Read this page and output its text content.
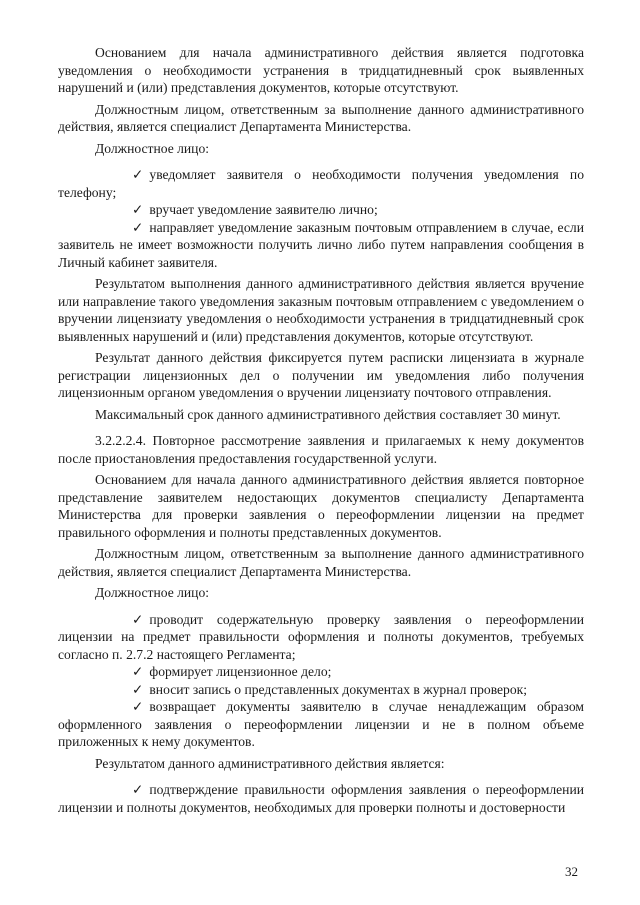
Основанием для начала административного действия является подготовка уведомления о необходимости устранения в тридцатидневный срок выявленных нарушений и (или) представления документов, которые отсутствуют.

Должностным лицом, ответственным за выполнение данного административного действия, является специалист Департамента Министерства.

Должностное лицо:

✓ уведомляет заявителя о необходимости получения уведомления по телефону;

✓ вручает уведомление заявителю лично;

✓ направляет уведомление заказным почтовым отправлением в случае, если заявитель не имеет возможности получить лично либо путем направления сообщения в Личный кабинет заявителя.

Результатом выполнения данного административного действия является вручение или направление такого уведомления заказным почтовым отправлением с уведомлением о вручении лицензиату уведомления о необходимости устранения в тридцатидневный срок выявленных нарушений и (или) представления документов, которые отсутствуют.

Результат данного действия фиксируется путем расписки лицензиата в журнале регистрации лицензионных дел о получении им уведомления либо получения лицензионным органом уведомления о вручении лицензиату почтового отправления.

Максимальный срок данного административного действия составляет 30 минут.

3.2.2.2.4. Повторное рассмотрение заявления и прилагаемых к нему документов после приостановления предоставления государственной услуги.

Основанием для начала данного административного действия является повторное представление заявителем недостающих документов специалисту Департамента Министерства для проверки заявления о переоформлении лицензии на предмет правильного оформления и полноты представленных документов.

Должностным лицом, ответственным за выполнение данного административного действия, является специалист Департамента Министерства.

Должностное лицо:

✓ проводит содержательную проверку заявления о переоформлении лицензии на предмет правильности оформления и полноты документов, требуемых согласно п. 2.7.2 настоящего Регламента;

✓ формирует лицензионное дело;

✓ вносит запись о представленных документах в журнал проверок;

✓ возвращает документы заявителю в случае ненадлежащим образом оформленного заявления о переоформлении лицензии и не в полном объеме приложенных к нему документов.

Результатом данного административного действия является:

✓ подтверждение правильности оформления заявления о переоформлении лицензии и полноты документов, необходимых для проверки полноты и достоверности

32
